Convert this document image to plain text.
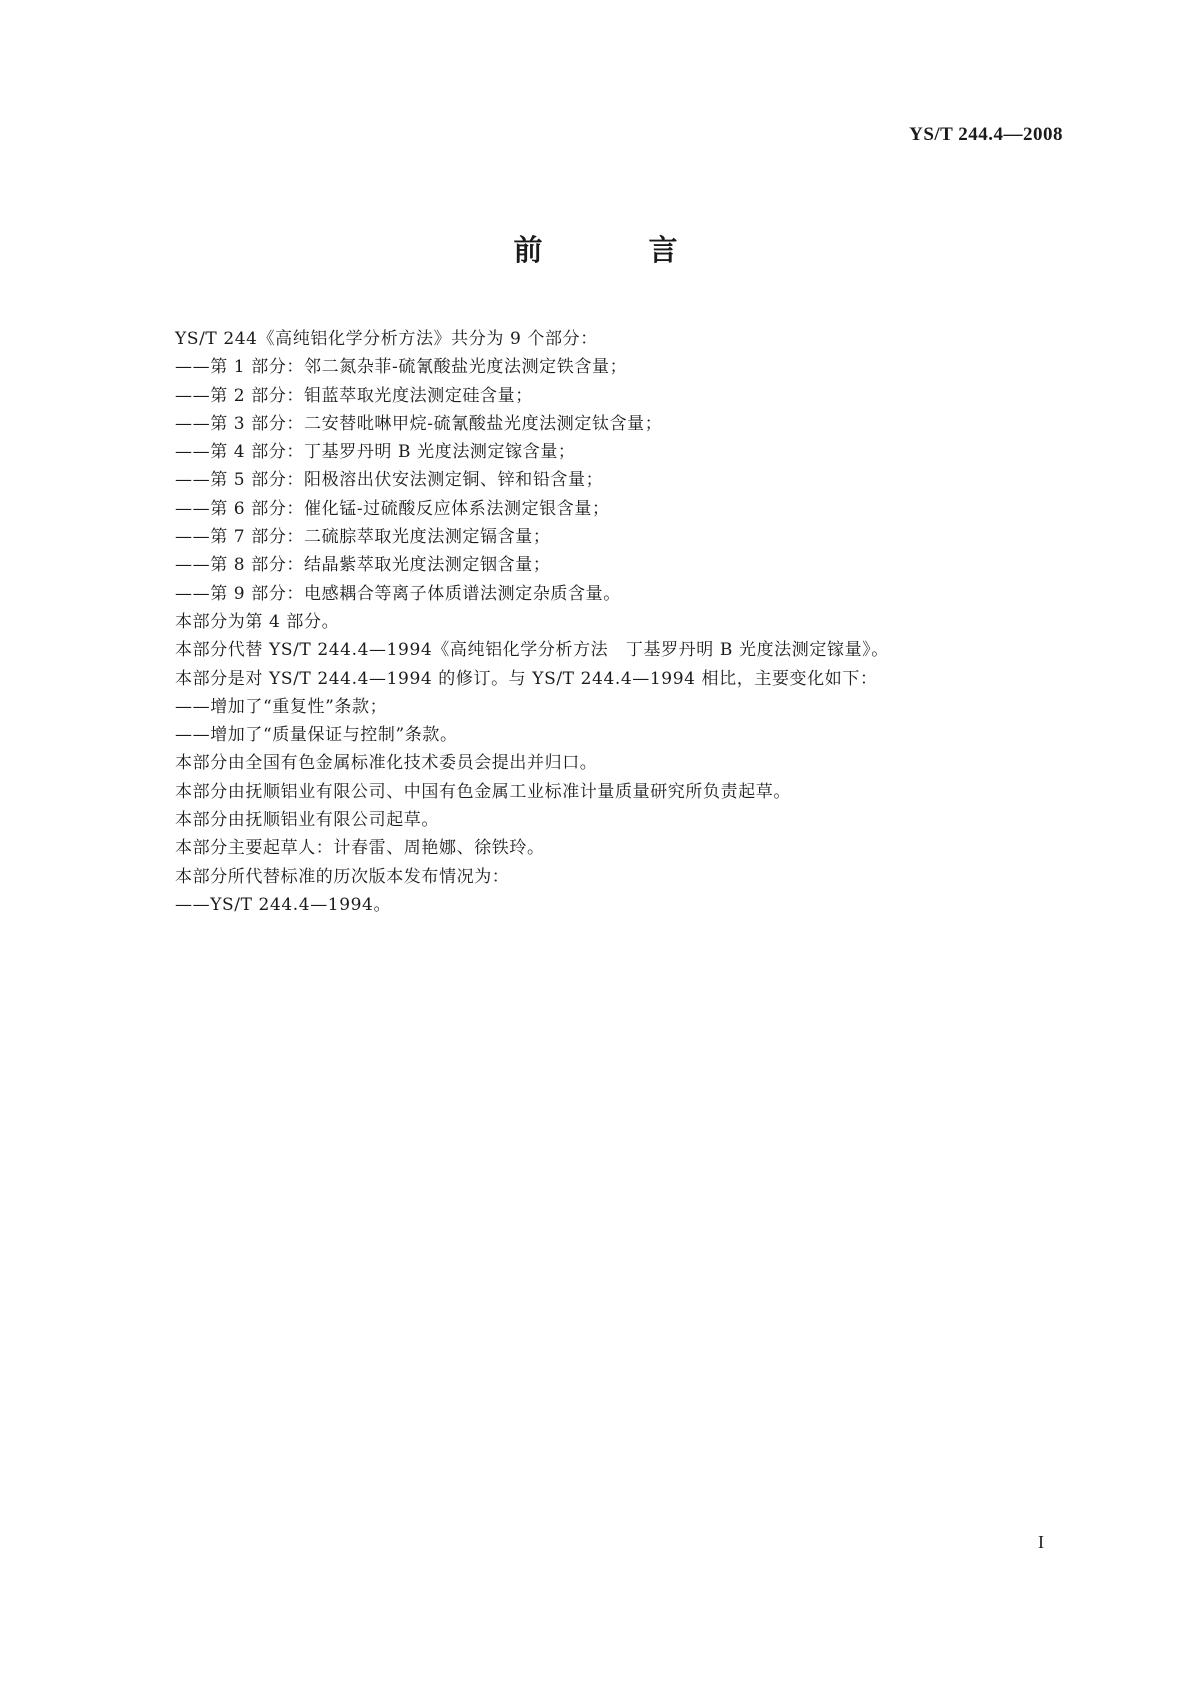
YS/T 244.4—2008
前 言
YS/T 244《高纯铝化学分析方法》共分为 9 个部分：
——第 1 部分：邻二氮杂菲-硫氰酸盐光度法测定铁含量；
——第 2 部分：钼蓝萃取光度法测定硅含量；
——第 3 部分：二安替吡啉甲烷-硫氰酸盐光度法测定钛含量；
——第 4 部分：丁基罗丹明 B 光度法测定镓含量；
——第 5 部分：阳极溶出伏安法测定铜、锌和铅含量；
——第 6 部分：催化锰-过硫酸反应体系法测定银含量；
——第 7 部分：二硫腙萃取光度法测定镉含量；
——第 8 部分：结晶紫萃取光度法测定铟含量；
——第 9 部分：电感耦合等离子体质谱法测定杂质含量。
本部分为第 4 部分。
本部分代替 YS/T 244.4—1994《高纯铝化学分析方法　丁基罗丹明 B 光度法测定镓量》。
本部分是对 YS/T 244.4—1994 的修订。与 YS/T 244.4—1994 相比，主要变化如下：
——增加了“重复性”条款；
——增加了“质量保证与控制”条款。
本部分由全国有色金属标准化技术委员会提出并归口。
本部分由抚顺铝业有限公司、中国有色金属工业标准计量质量研究所负责起草。
本部分由抚顺铝业有限公司起草。
本部分主要起草人：计春雷、周艳娜、徐铁玲。
本部分所代替标准的历次版本发布情况为：
——YS/T 244.4—1994。
I
